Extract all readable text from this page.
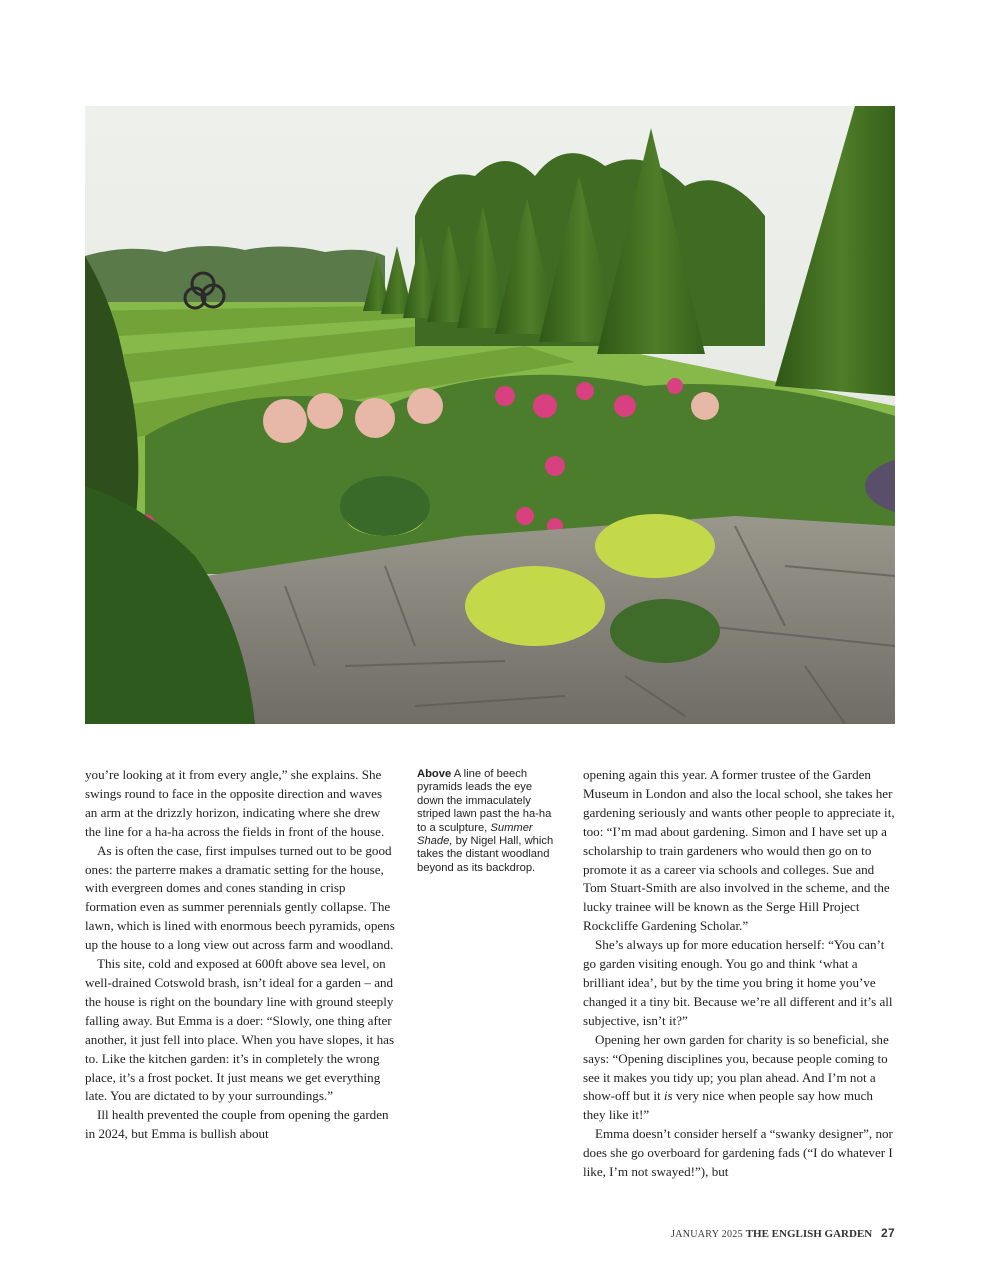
you’re looking at it from every angle,” she explains. She swings round to face in the opposite direction and waves an arm at the drizzly horizon, indicating where she drew the line for a ha-ha across the fields in front of the house.

As is often the case, first impulses turned out to be good ones: the parterre makes a dramatic setting for the house, with evergreen domes and cones standing in crisp formation even as summer perennials gently collapse. The lawn, which is lined with enormous beech pyramids, opens up the house to a long view out across farm and woodland.

This site, cold and exposed at 600ft above sea level, on well-drained Cotswold brash, isn’t ideal for a garden – and the house is right on the boundary line with ground steeply falling away. But Emma is a doer: “Slowly, one thing after another, it just fell into place. When you have slopes, it has to. Like the kitchen garden: it’s in completely the wrong place, it’s a frost pocket. It just means we get everything late. You are dictated to by your surroundings.”

Ill health prevented the couple from opening the garden in 2024, but Emma is bullish about

Above A line of beech pyramids leads the eye down the immaculately striped lawn past the ha-ha to a sculpture, Summer Shade, by Nigel Hall, which takes the distant woodland beyond as its backdrop.

opening again this year. A former trustee of the Garden Museum in London and also the local school, she takes her gardening seriously and wants other people to appreciate it, too: “I’m mad about gardening. Simon and I have set up a scholarship to train gardeners who would then go on to promote it as a career via schools and colleges. Sue and Tom Stuart-Smith are also involved in the scheme, and the lucky trainee will be known as the Serge Hill Project Rockcliffe Gardening Scholar.”

She’s always up for more education herself: “You can’t go garden visiting enough. You go and think ‘what a brilliant idea’, but by the time you bring it home you’ve changed it a tiny bit. Because we’re all different and it’s all subjective, isn’t it?”

Opening her own garden for charity is so beneficial, she says: “Opening disciplines you, because people coming to see it makes you tidy up; you plan ahead. And I’m not a show-off but it is very nice when people say how much they like it!”

Emma doesn’t consider herself a “swanky designer”, nor does she go overboard for gardening fads (“I do whatever I like, I’m not swayed!”), but

JANUARY 2025 THE ENGLISH GARDEN 27
